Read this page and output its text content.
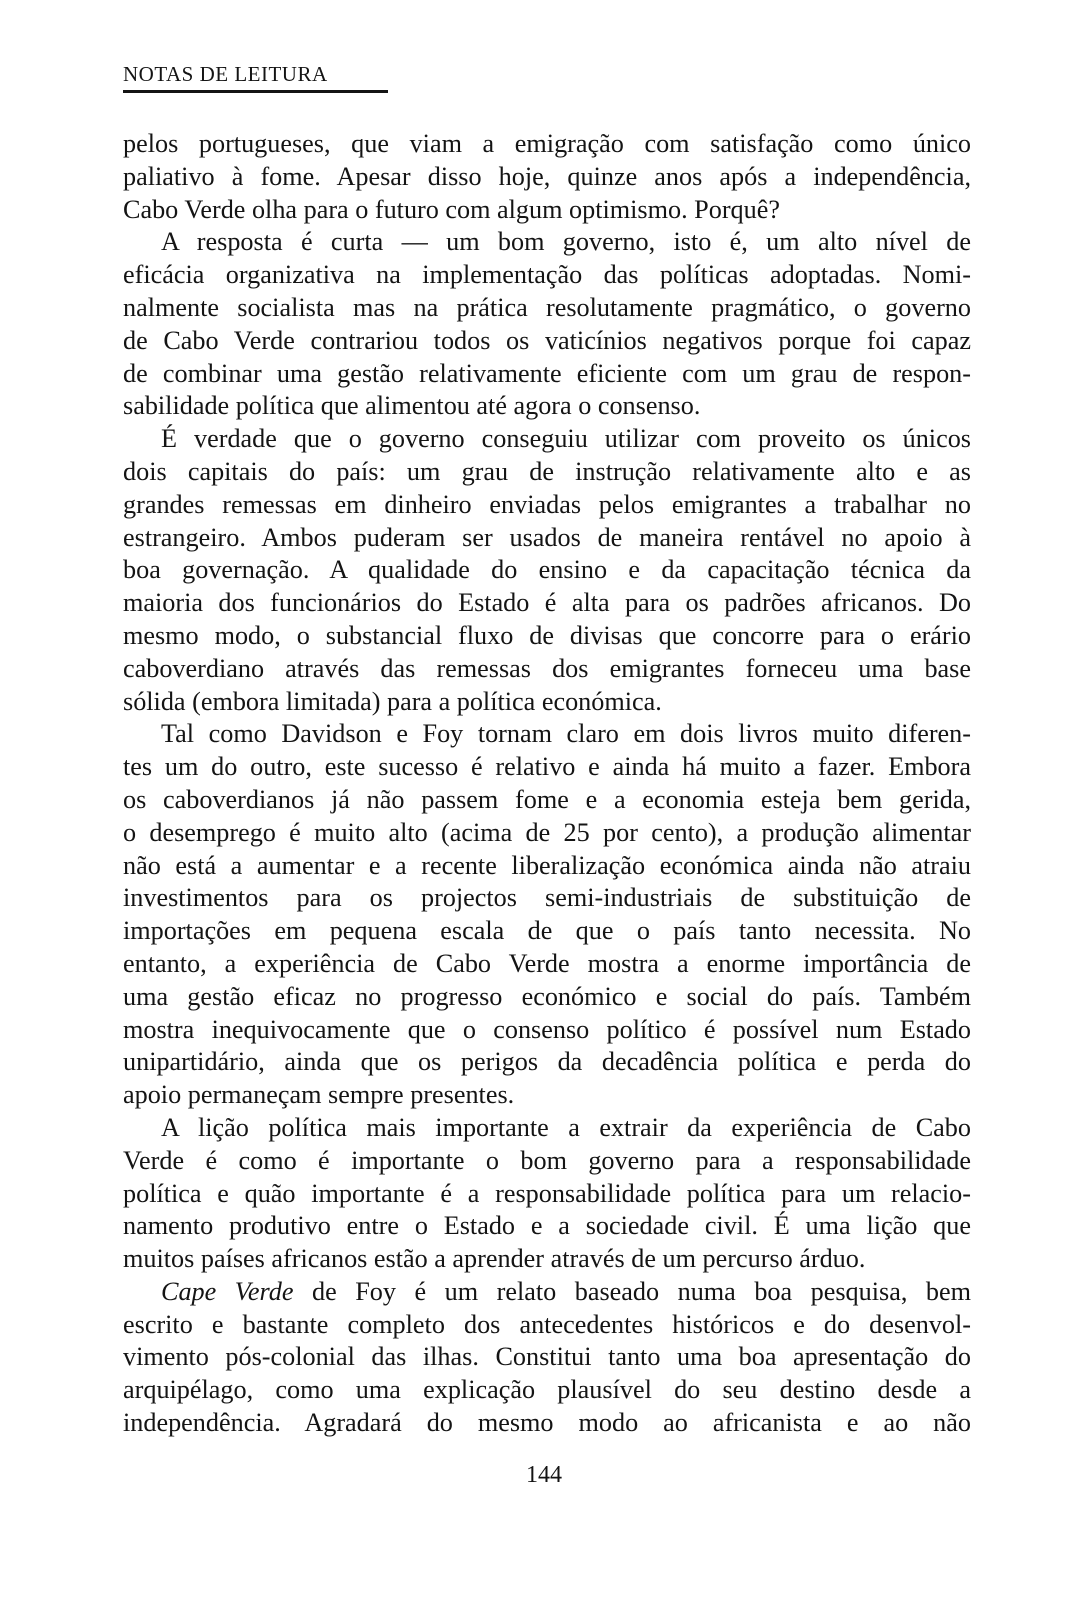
NOTAS DE LEITURA
pelos portugueses, que viam a emigração com satisfação como único
paliativo à fome. Apesar disso hoje, quinze anos após a independência,
Cabo Verde olha para o futuro com algum optimismo. Porquê?
A resposta é curta — um bom governo, isto é, um alto nível de
eficácia organizativa na implementação das políticas adoptadas. Nomi-
nalmente socialista mas na prática resolutamente pragmático, o governo
de Cabo Verde contrariou todos os vaticínios negativos porque foi capaz
de combinar uma gestão relativamente eficiente com um grau de respon-
sabilidade política que alimentou até agora o consenso.
É verdade que o governo conseguiu utilizar com proveito os únicos
dois capitais do país: um grau de instrução relativamente alto e as
grandes remessas em dinheiro enviadas pelos emigrantes a trabalhar no
estrangeiro. Ambos puderam ser usados de maneira rentável no apoio à
boa governação. A qualidade do ensino e da capacitação técnica da
maioria dos funcionários do Estado é alta para os padrões africanos. Do
mesmo modo, o substancial fluxo de divisas que concorre para o erário
caboverdiano através das remessas dos emigrantes forneceu uma base
sólida (embora limitada) para a política económica.
Tal como Davidson e Foy tornam claro em dois livros muito diferen-
tes um do outro, este sucesso é relativo e ainda há muito a fazer. Embora
os caboverdianos já não passem fome e a economia esteja bem gerida,
o desemprego é muito alto (acima de 25 por cento), a produção alimentar
não está a aumentar e a recente liberalização económica ainda não atraiu
investimentos para os projectos semi-industriais de substituição de
importações em pequena escala de que o país tanto necessita. No
entanto, a experiência de Cabo Verde mostra a enorme importância de
uma gestão eficaz no progresso económico e social do país. Também
mostra inequivocamente que o consenso político é possível num Estado
unipartidário, ainda que os perigos da decadência política e perda do
apoio permaneçam sempre presentes.
A lição política mais importante a extrair da experiência de Cabo
Verde é como é importante o bom governo para a responsabilidade
política e quão importante é a responsabilidade política para um relacio-
namento produtivo entre o Estado e a sociedade civil. É uma lição que
muitos países africanos estão a aprender através de um percurso árduo.
Cape Verde de Foy é um relato baseado numa boa pesquisa, bem
escrito e bastante completo dos antecedentes históricos e do desenvol-
vimento pós-colonial das ilhas. Constitui tanto uma boa apresentação do
arquipélago, como uma explicação plausível do seu destino desde a
independência. Agradará do mesmo modo ao africanista e ao não
144
